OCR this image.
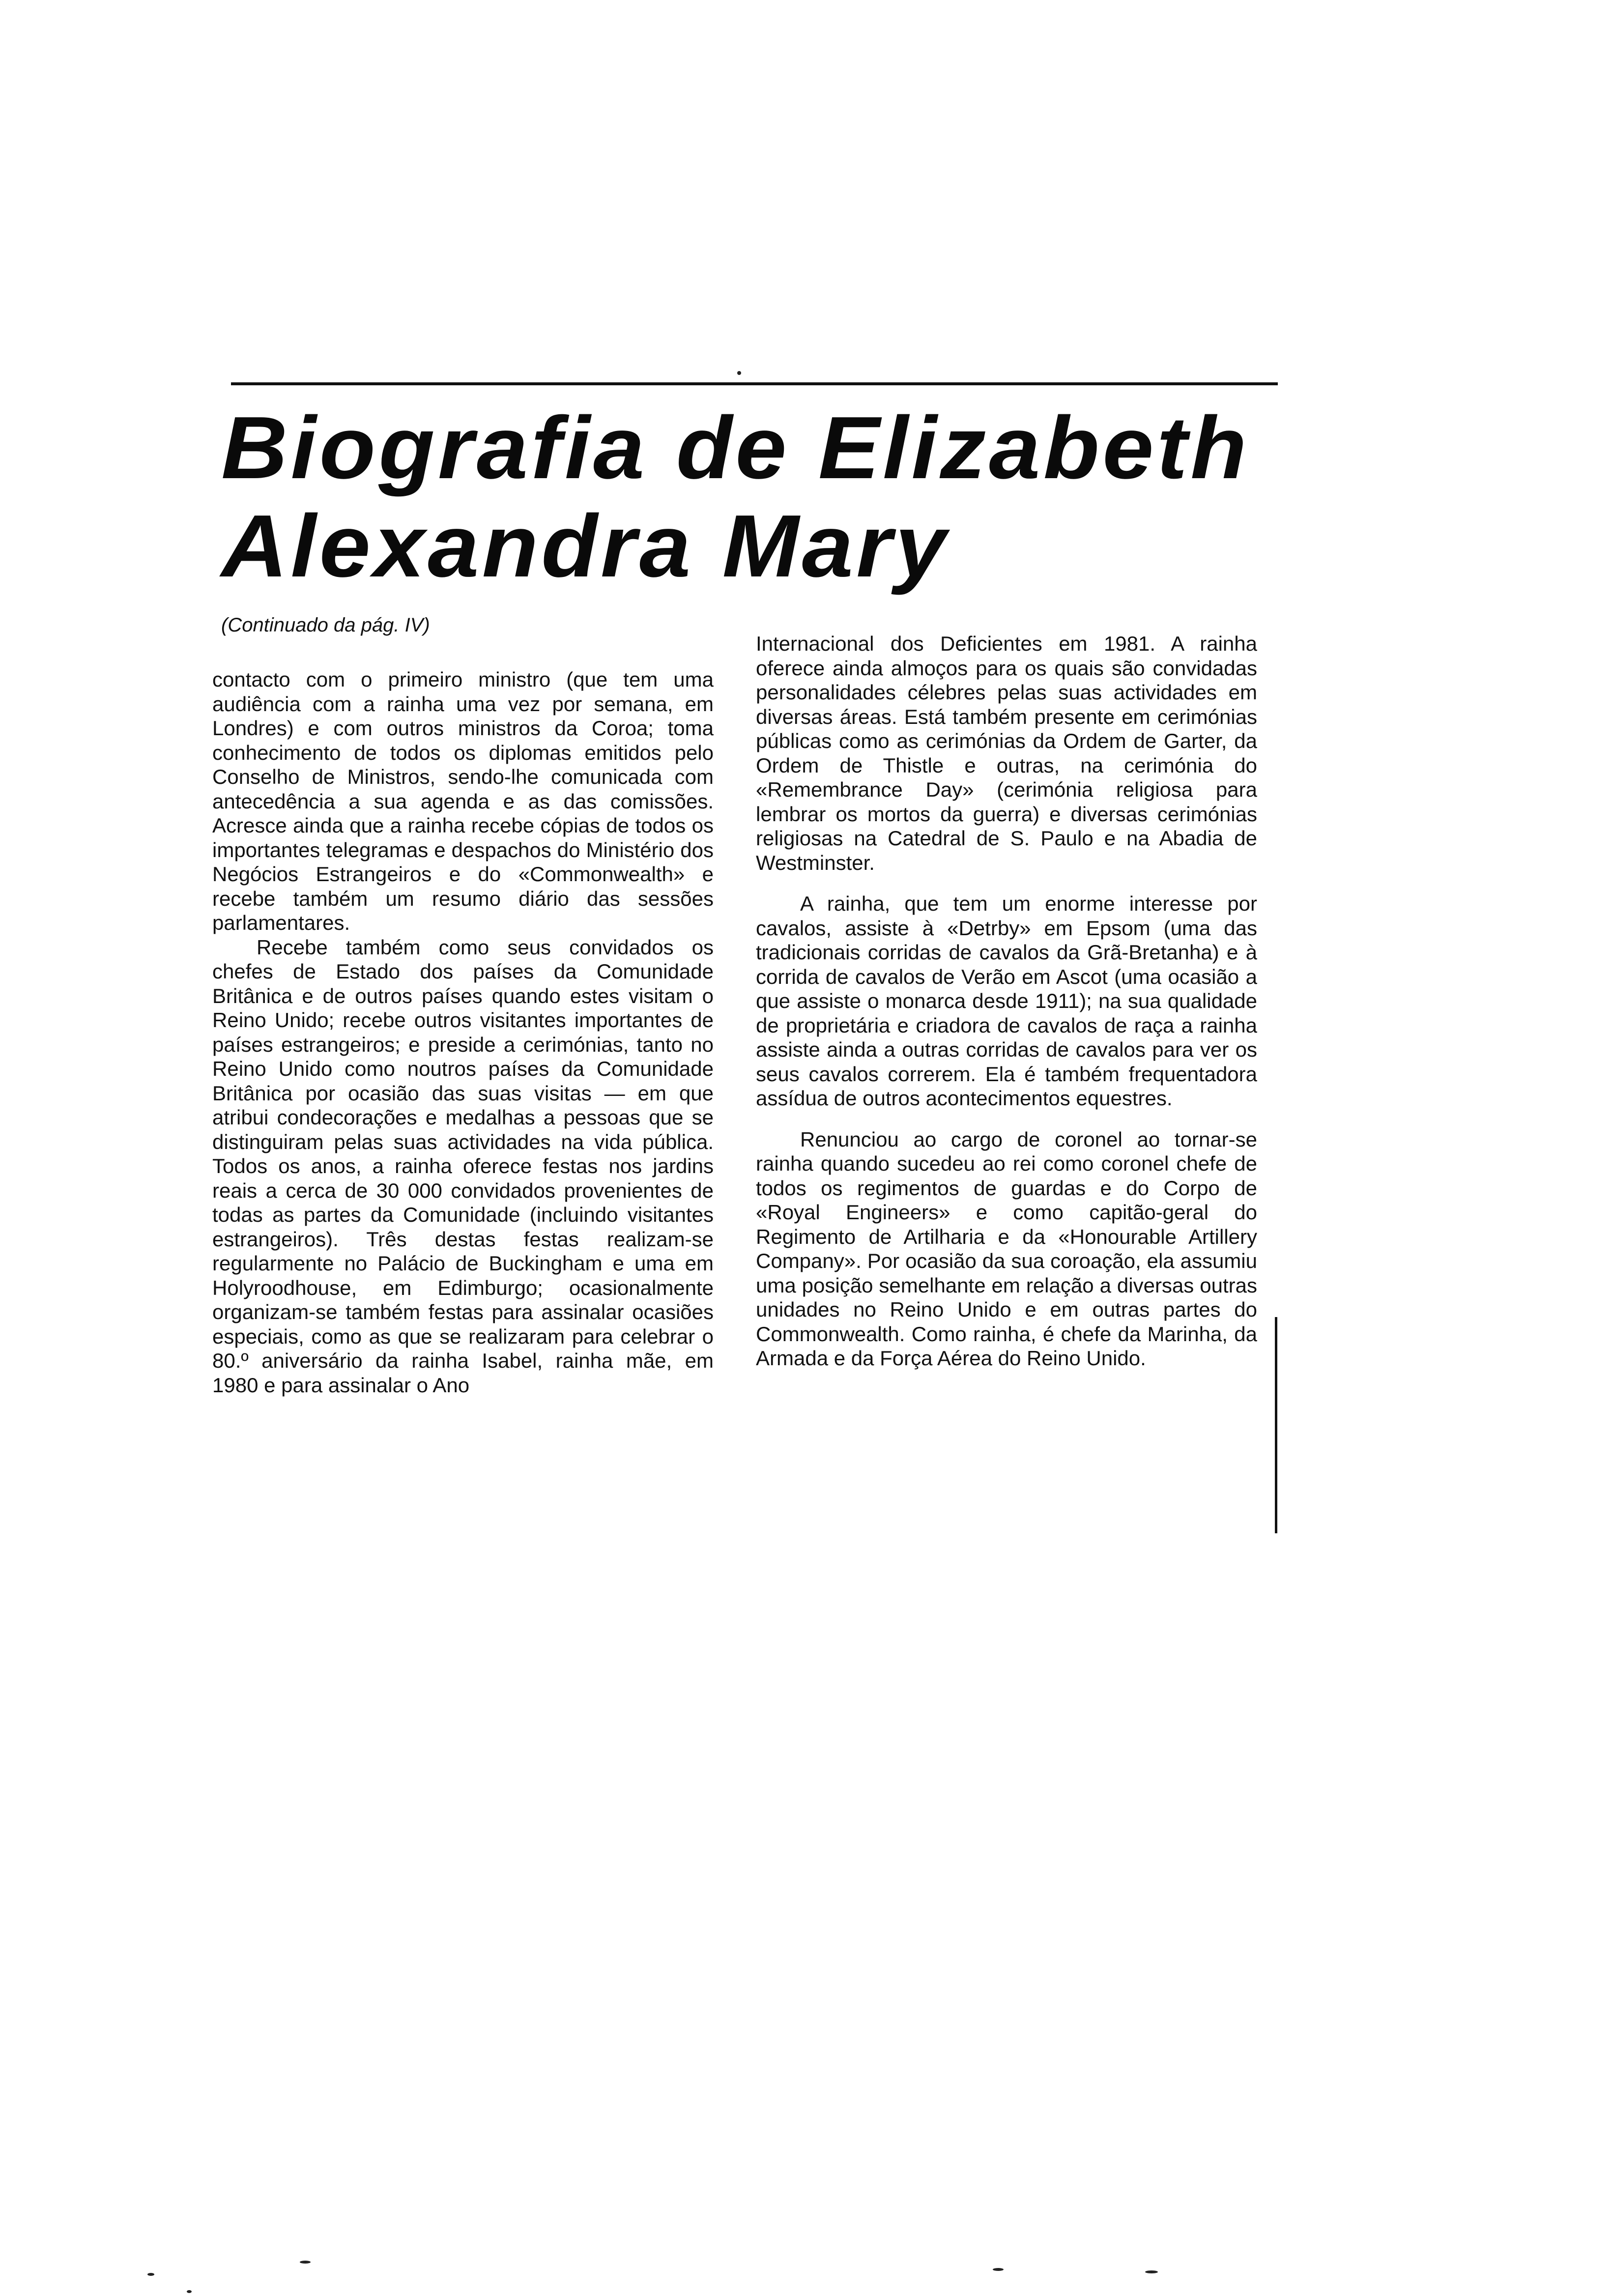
Biografia de Elizabeth
Alexandra Mary
(Continuado da pág. IV)

contacto com o primeiro ministro (que tem uma audiência com a rainha uma vez por semana, em Londres) e com outros ministros da Coroa; toma conhecimento de todos os diplomas emitidos pelo Conselho de Ministros, sendo-lhe comunicada com antecedência a sua agenda e as das comissões. Acresce ainda que a rainha recebe cópias de todos os importantes telegramas e despachos do Ministério dos Negócios Estrangeiros e do «Commonwealth» e recebe também um resumo diário das sessões parlamentares.

Recebe também como seus convidados os chefes de Estado dos países da Comunidade Britânica e de outros países quando estes visitam o Reino Unido; recebe outros visitantes importantes de países estrangeiros; e preside a cerimónias, tanto no Reino Unido como noutros países da Comunidade Britânica por ocasião das suas visitas — em que atribui condecorações e medalhas a pessoas que se distinguiram pelas suas actividades na vida pública. Todos os anos, a rainha oferece festas nos jardins reais a cerca de 30 000 convidados provenientes de todas as partes da Comunidade (incluindo visitantes estrangeiros). Três destas festas realizam-se regularmente no Palácio de Buckingham e uma em Holyroodhouse, em Edimburgo; ocasionalmente organizam-se também festas para assinalar ocasiões especiais, como as que se realizaram para celebrar o 80.º aniversário da rainha Isabel, rainha mãe, em 1980 e para assinalar o Ano

Internacional dos Deficientes em 1981. A rainha oferece ainda almoços para os quais são convidadas personalidades célebres pelas suas actividades em diversas áreas. Está também presente em cerimónias públicas como as cerimónias da Ordem de Garter, da Ordem de Thistle e outras, na cerimónia do «Remembrance Day» (cerimónia religiosa para lembrar os mortos da guerra) e diversas cerimónias religiosas na Catedral de S. Paulo e na Abadia de Westminster.

A rainha, que tem um enorme interesse por cavalos, assiste à «Detrby» em Epsom (uma das tradicionais corridas de cavalos da Grã-Bretanha) e à corrida de cavalos de Verão em Ascot (uma ocasião a que assiste o monarca desde 1911); na sua qualidade de proprietária e criadora de cavalos de raça a rainha assiste ainda a outras corridas de cavalos para ver os seus cavalos correrem. Ela é também frequentadora assídua de outros acontecimentos equestres.

Renunciou ao cargo de coronel ao tornar-se rainha quando sucedeu ao rei como coronel chefe de todos os regimentos de guardas e do Corpo de «Royal Engineers» e como capitão-geral do Regimento de Artilharia e da «Honourable Artillery Company». Por ocasião da sua coroação, ela assumiu uma posição semelhante em relação a diversas outras unidades no Reino Unido e em outras partes do Commonwealth. Como rainha, é chefe da Marinha, da Armada e da Força Aérea do Reino Unido.
